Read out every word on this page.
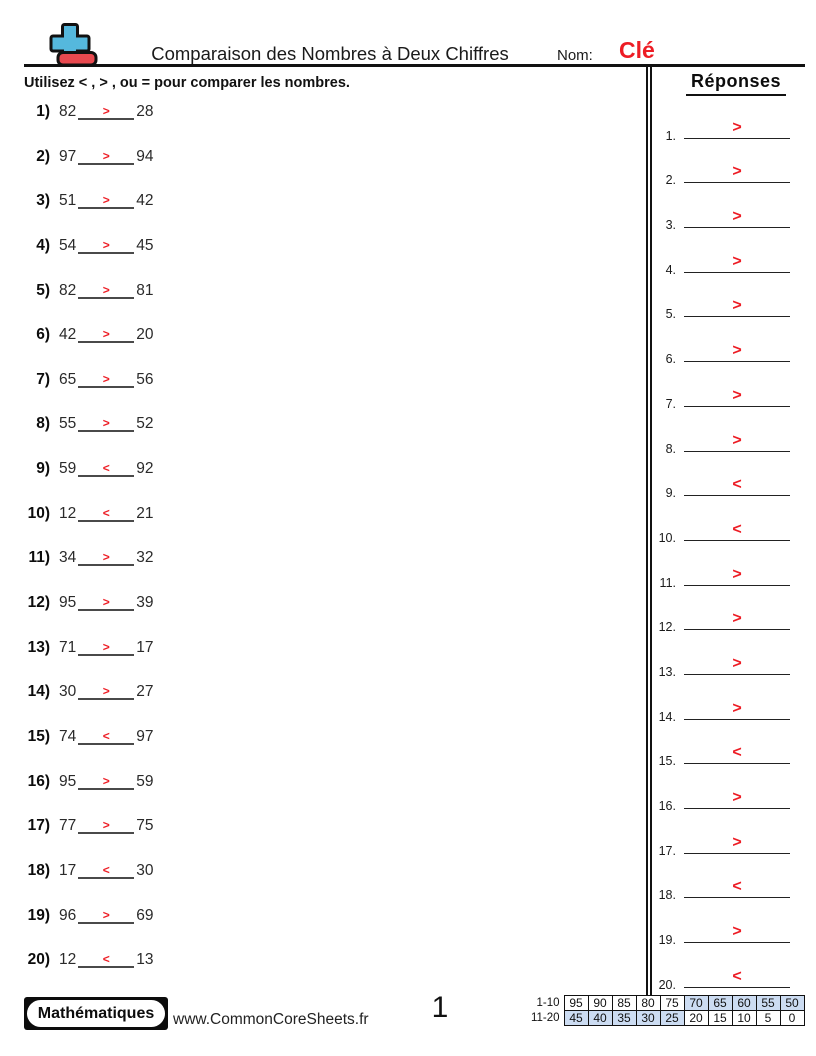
Comparaison des Nombres à Deux Chiffres	Nom: Clé
Utilisez < , > , ou = pour comparer les nombres.
1) 82	>	28
2) 97	>	94
3) 51	>	42
4) 54	>	45
5) 82	>	81
6) 42	>	20
7) 65	>	56
8) 55	>	52
9) 59	<	92
10) 12	<	21
11) 34	>	32
12) 95	>	39
13) 71	>	17
14) 30	>	27
15) 74	<	97
16) 95	>	59
17) 77	>	75
18) 17	<	30
19) 96	>	69
20) 12	<	13
Réponses
1.	>
2.	>
3.	>
4.	>
5.	>
6.	>
7.	>
8.	>
9.	<
10.	<
11.	>
12.	>
13.	>
14.	>
15.	<
16.	>
17.	>
18.	<
19.	>
20.	<
Mathématiques	www.CommonCoreSheets.fr	1	1-10	95	90	85	80	75	70	65	60	55	50
11-20	45	40	35	30	25	20	15	10	5	0
